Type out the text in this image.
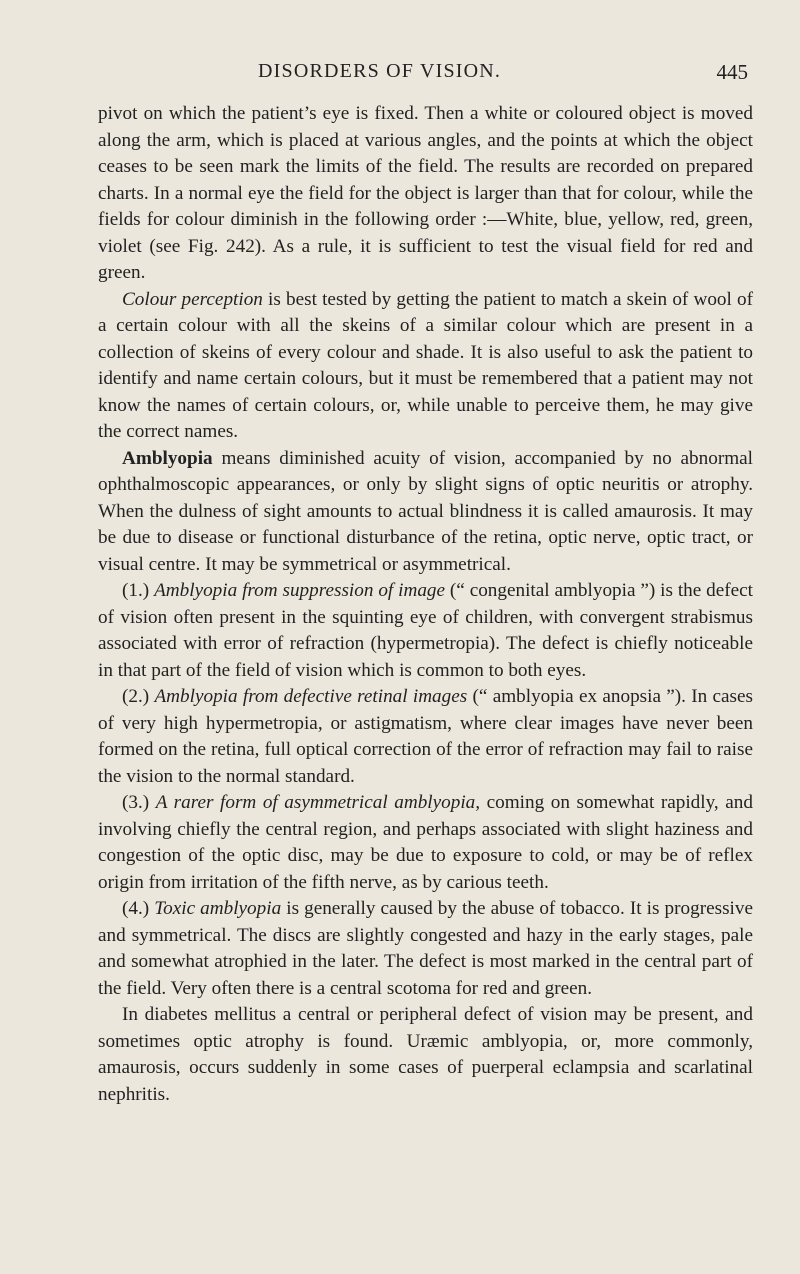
DISORDERS OF VISION.	445

pivot on which the patient’s eye is fixed. Then a white or coloured object is moved along the arm, which is placed at various angles, and the points at which the object ceases to be seen mark the limits of the field. The results are recorded on prepared charts. In a normal eye the field for the object is larger than that for colour, while the fields for colour diminish in the following order :—White, blue, yellow, red, green, violet (see Fig. 242). As a rule, it is sufficient to test the visual field for red and green.

Colour perception is best tested by getting the patient to match a skein of wool of a certain colour with all the skeins of a similar colour which are present in a collection of skeins of every colour and shade. It is also useful to ask the patient to identify and name certain colours, but it must be remembered that a patient may not know the names of certain colours, or, while unable to perceive them, he may give the correct names.

Amblyopia means diminished acuity of vision, accompanied by no abnormal ophthalmoscopic appearances, or only by slight signs of optic neuritis or atrophy. When the dulness of sight amounts to actual blindness it is called amaurosis. It may be due to disease or functional disturbance of the retina, optic nerve, optic tract, or visual centre. It may be symmetrical or asymmetrical.

(1.) Amblyopia from suppression of image (“ congenital amblyopia ”) is the defect of vision often present in the squinting eye of children, with convergent strabismus associated with error of refraction (hypermetropia). The defect is chiefly noticeable in that part of the field of vision which is common to both eyes.

(2.) Amblyopia from defective retinal images (“ amblyopia ex anopsia ”). In cases of very high hypermetropia, or astigmatism, where clear images have never been formed on the retina, full optical correction of the error of refraction may fail to raise the vision to the normal standard.

(3.) A rarer form of asymmetrical amblyopia, coming on somewhat rapidly, and involving chiefly the central region, and perhaps associated with slight haziness and congestion of the optic disc, may be due to exposure to cold, or may be of reflex origin from irritation of the fifth nerve, as by carious teeth.

(4.) Toxic amblyopia is generally caused by the abuse of tobacco. It is progressive and symmetrical. The discs are slightly congested and hazy in the early stages, pale and somewhat atrophied in the later. The defect is most marked in the central part of the field. Very often there is a central scotoma for red and green.

In diabetes mellitus a central or peripheral defect of vision may be present, and sometimes optic atrophy is found. Uræmic amblyopia, or, more commonly, amaurosis, occurs suddenly in some cases of puerperal eclampsia and scarlatinal nephritis.
